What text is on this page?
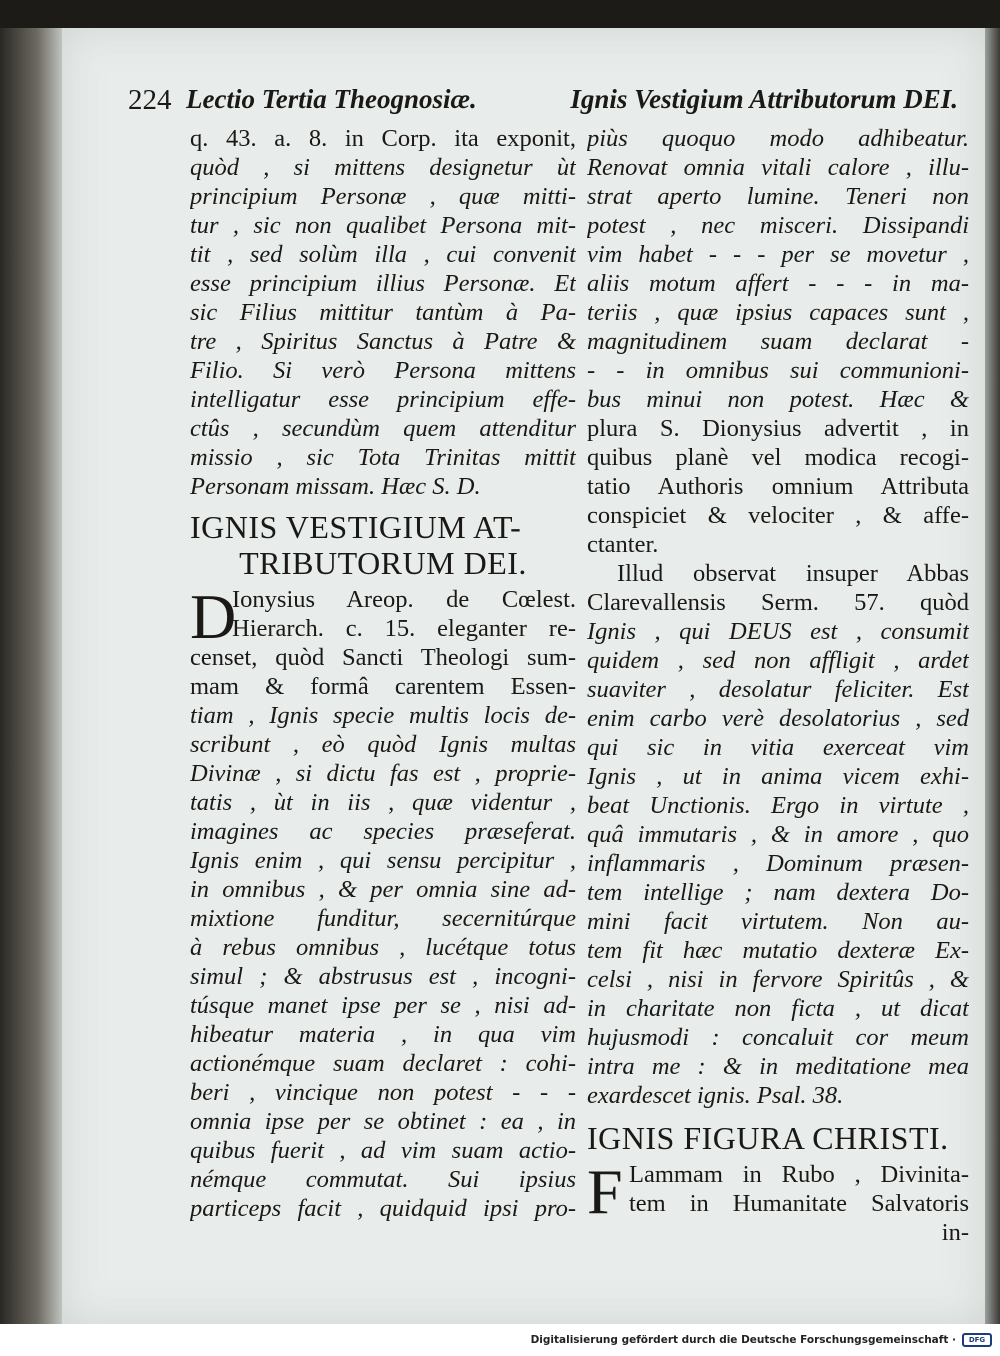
224 Lectio Tertia Theognosiæ.	Ignis Vestigium Attributorum DEI.
q. 43. a. 8. in Corp. ita exponit,
quòd , si mittens designetur ùt
principium Personæ , quæ mitti-
tur , sic non qualibet Persona mit-
tit , sed solùm illa , cui convenit
esse principium illius Personæ. Et
sic Filius mittitur tantùm à Pa-
tre , Spiritus Sanctus à Patre &
Filio. Si verò Persona mittens
intelligatur esse principium effe-
ctûs , secundùm quem attenditur
missio , sic Tota Trinitas mittit
Personam missam. Hæc S. D.
IGNIS VESTIGIUM AT-
TRIBUTORUM DEI.
D
Ionysius Areop. de Cœlest.
Hierarch. c. 15. eleganter re-
censet, quòd Sancti Theologi sum-
mam & formâ carentem Essen-
tiam , Ignis specie multis locis de-
scribunt , eò quòd Ignis multas
Divinæ , si dictu fas est , proprie-
tatis , ùt in iis , quæ videntur ,
imagines ac species præseferat.
Ignis enim , qui sensu percipitur ,
in omnibus , & per omnia sine ad-
mixtione funditur, secernitúrque
à rebus omnibus , lucétque totus
simul ; & abstrusus est , incogni-
túsque manet ipse per se , nisi ad-
hibeatur materia , in qua vim
actionémque suam declaret : cohi-
beri , vincique non potest - - -
omnia ipse per se obtinet : ea , in
quibus fuerit , ad vim suam actio-
némque commutat. Sui ipsius
particeps facit , quidquid ipsi pro-
piùs quoquo modo adhibeatur.
Renovat omnia vitali calore , illu-
strat aperto lumine. Teneri non
potest , nec misceri. Dissipandi
vim habet - - - per se movetur ,
aliis motum affert - - - in ma-
teriis , quæ ipsius capaces sunt ,
magnitudinem suam declarat -
- - in omnibus sui communioni-
bus minui non potest. Hæc &
plura S. Dionysius advertit , in
quibus planè vel modica recogi-
tatio Authoris omnium Attributa
conspiciet & velociter , & affe-
ctanter.
Illud observat insuper Abbas
Clarevallensis Serm. 57. quòd
Ignis , qui DEUS est , consumit
quidem , sed non affligit , ardet
suaviter , desolatur feliciter. Est
enim carbo verè desolatorius , sed
qui sic in vitia exerceat vim
Ignis , ut in anima vicem exhi-
beat Unctionis. Ergo in virtute ,
quâ immutaris , & in amore , quo
inflammaris , Dominum præsen-
tem intellige ; nam dextera Do-
mini facit virtutem. Non au-
tem fit hæc mutatio dexteræ Ex-
celsi , nisi in fervore Spiritûs , &
in charitate non ficta , ut dicat
hujusmodi : concaluit cor meum
intra me : & in meditatione mea
exardescet ignis. Psal. 38.
IGNIS FIGURA CHRISTI.
F Lammam in Rubo , Divinita-
tem in Humanitate Salvatoris
in-
Digitalisierung gefördert durch die Deutsche Forschungsgemeinschaft ·	DFG
